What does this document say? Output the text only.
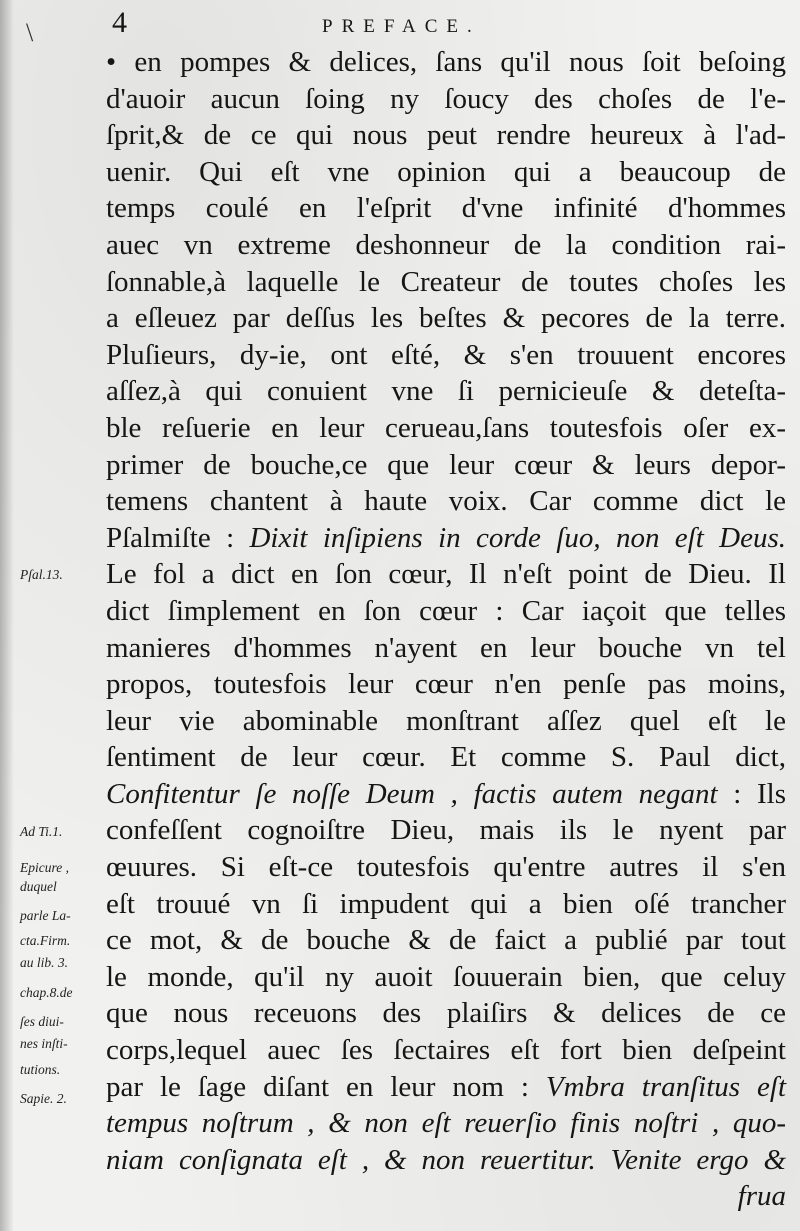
\	4	PREFACE.
• en pompes & delices, ſans qu'il nous ſoit beſoing
d'auoir aucun ſoing ny ſoucy des choſes de l'e-
ſprit,& de ce qui nous peut rendre heureux à l'ad-
uenir. Qui eſt vne opinion qui a beaucoup de
temps coulé en l'eſprit d'vne infinité d'hommes
auec vn extreme deshonneur de la condition rai-
ſonnable,à laquelle le Createur de toutes choſes les
a eſleuez par deſſus les beſtes & pecores de la terre.
Pluſieurs, dy-ie, ont eſté, & s'en trouuent encores
aſſez,à qui conuient vne ſi pernicieuſe & deteſta-
ble reſuerie en leur cerueau,ſans toutesfois oſer ex-
primer de bouche,ce que leur cœur & leurs depor-
temens chantent à haute voix. Car comme dict le
Pſalmiſte : Dixit inſipiens in corde ſuo, non eſt Deus.
Le fol a dict en ſon cœur, Il n'eſt point de Dieu. Il
dict ſimplement en ſon cœur : Car iaçoit que telles
manieres d'hommes n'ayent en leur bouche vn tel
propos, toutesfois leur cœur n'en penſe pas moins,
leur vie abominable monſtrant aſſez quel eſt le
ſentiment de leur cœur. Et comme S. Paul dict,
Confitentur ſe noſſe Deum , factis autem negant : Ils
confeſſent cognoiſtre Dieu, mais ils le nyent par
œuures. Si eſt-ce toutesfois qu'entre autres il s'en
eſt trouué vn ſi impudent qui a bien oſé trancher
ce mot, & de bouche & de faict a publié par tout
le monde, qu'il ny auoit ſouuerain bien, que celuy
que nous receuons des plaiſirs & delices de ce
corps,lequel auec ſes ſectaires eſt fort bien deſpeint
par le ſage diſant en leur nom : Vmbra tranſitus eſt
tempus noſtrum , & non eſt reuerſio finis noſtri , quo-
niam conſignata eſt , & non reuertitur. Venite ergo &
frua
Pſal.13.
Ad Ti.1.
Epicure ,
duquel
parle La-
cta.Firm.
au lib. 3.
chap.8.de
ſes diui-
nes inſti-
tutions.
Sapie. 2.
